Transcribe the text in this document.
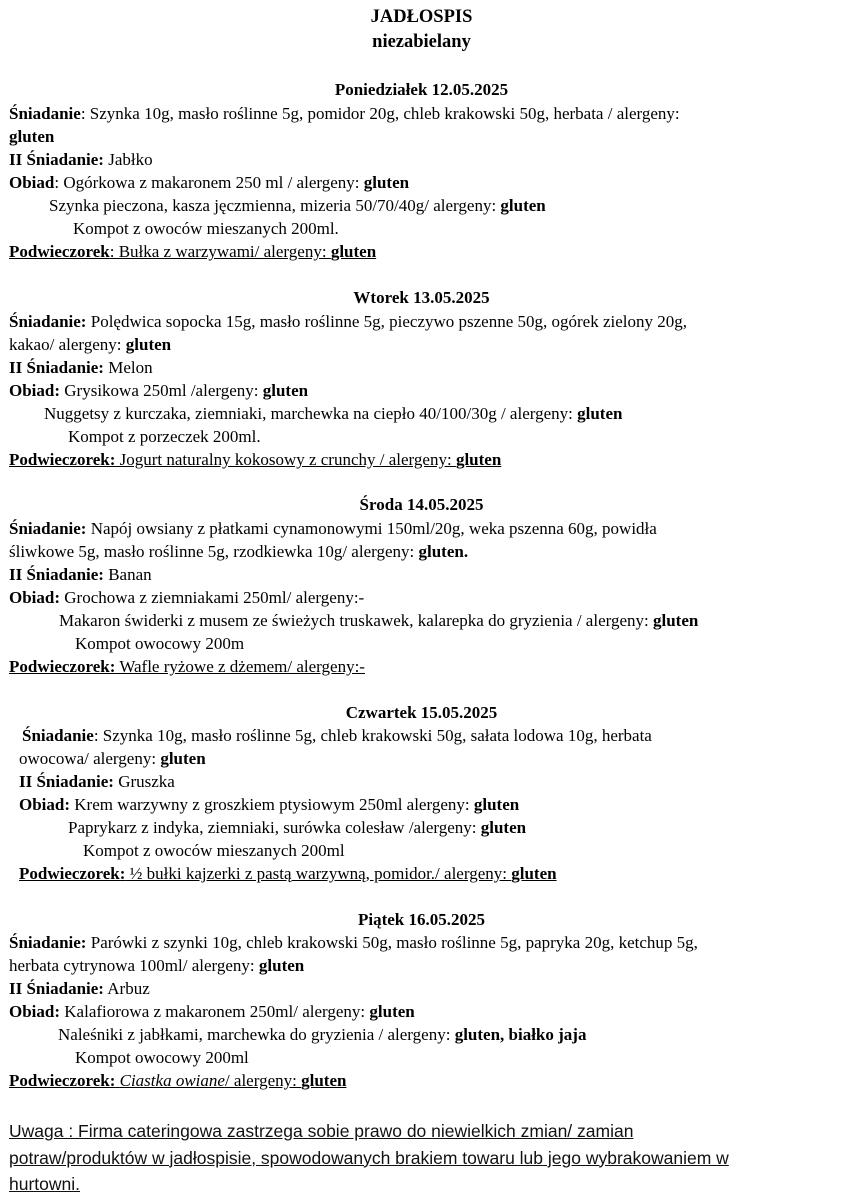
JADŁOSPIS
niezabielany
Poniedziałek 12.05.2025
Śniadanie: Szynka 10g, masło roślinne 5g, pomidor 20g, chleb krakowski 50g, herbata / alergeny:
gluten
II Śniadanie: Jabłko
Obiad: Ogórkowa z makaronem 250 ml / alergeny: gluten
Szynka pieczona, kasza jęczmienna, mizeria 50/70/40g/ alergeny: gluten
Kompot z owoców mieszanych 200ml.
Podwieczorek: Bułka z warzywami/ alergeny: gluten
Wtorek 13.05.2025
Śniadanie: Polędwica sopocka 15g, masło roślinne 5g, pieczywo pszenne 50g, ogórek zielony 20g,
kakao/ alergeny: gluten
II Śniadanie: Melon
Obiad: Grysikowa 250ml /alergeny: gluten
Nuggetsy z kurczaka, ziemniaki, marchewka na ciepło 40/100/30g / alergeny: gluten
Kompot z porzeczek 200ml.
Podwieczorek: Jogurt naturalny kokosowy z crunchy / alergeny: gluten
Środa 14.05.2025
Śniadanie: Napój owsiany z płatkami cynamonowymi 150ml/20g, weka pszenna 60g, powidła
śliwkowe 5g, masło roślinne 5g, rzodkiewka 10g/ alergeny: gluten.
II Śniadanie: Banan
Obiad: Grochowa z ziemniakami 250ml/ alergeny:-
Makaron świderki z musem ze świeżych truskawek, kalarepka do gryzienia / alergeny: gluten
Kompot owocowy 200m
Podwieczorek: Wafle ryżowe z dżemem/ alergeny:-
Czwartek 15.05.2025
Śniadanie: Szynka 10g, masło roślinne 5g, chleb krakowski 50g, sałata lodowa 10g, herbata
owocowa/ alergeny: gluten
II Śniadanie: Gruszka
Obiad: Krem warzywny z groszkiem ptysiowym 250ml alergeny: gluten
Paprykarz z indyka, ziemniaki, surówka colesław /alergeny: gluten
Kompot z owoców mieszanych 200ml
Podwieczorek: ½ bułki kajzerki z pastą warzywną, pomidor./ alergeny: gluten
Piątek 16.05.2025
Śniadanie: Parówki z szynki 10g, chleb krakowski 50g, masło roślinne 5g, papryka 20g, ketchup 5g,
herbata cytrynowa 100ml/ alergeny: gluten
II Śniadanie: Arbuz
Obiad: Kalafiorowa z makaronem 250ml/ alergeny: gluten
Naleśniki z jabłkami, marchewka do gryzienia / alergeny: gluten, białko jaja
Kompot owocowy 200ml
Podwieczorek: Ciastka owiane/ alergeny: gluten
Uwaga : Firma cateringowa zastrzega sobie prawo do niewielkich zmian/ zamian
potraw/produktów w jadłospisie, spowodowanych brakiem towaru lub jego wybrakowaniem w
hurtowni.
